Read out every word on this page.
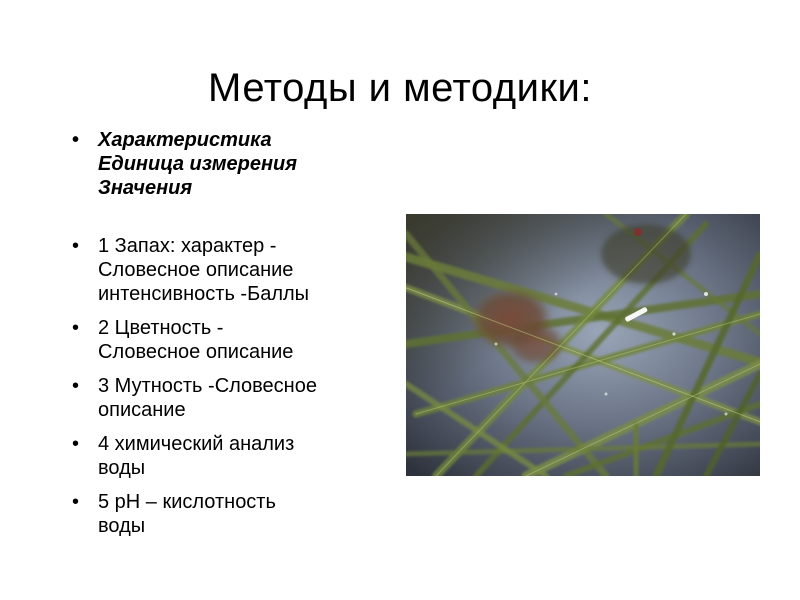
Методы и методики:
• Характеристика
Единица измерения
Значения
• 1 Запах: характер -
Словесное описание
интенсивность -Баллы
• 2 Цветность -
Словесное описание
• 3 Мутность -Словесное
описание
• 4 химический анализ
воды
• 5 pH – кислотность
воды
